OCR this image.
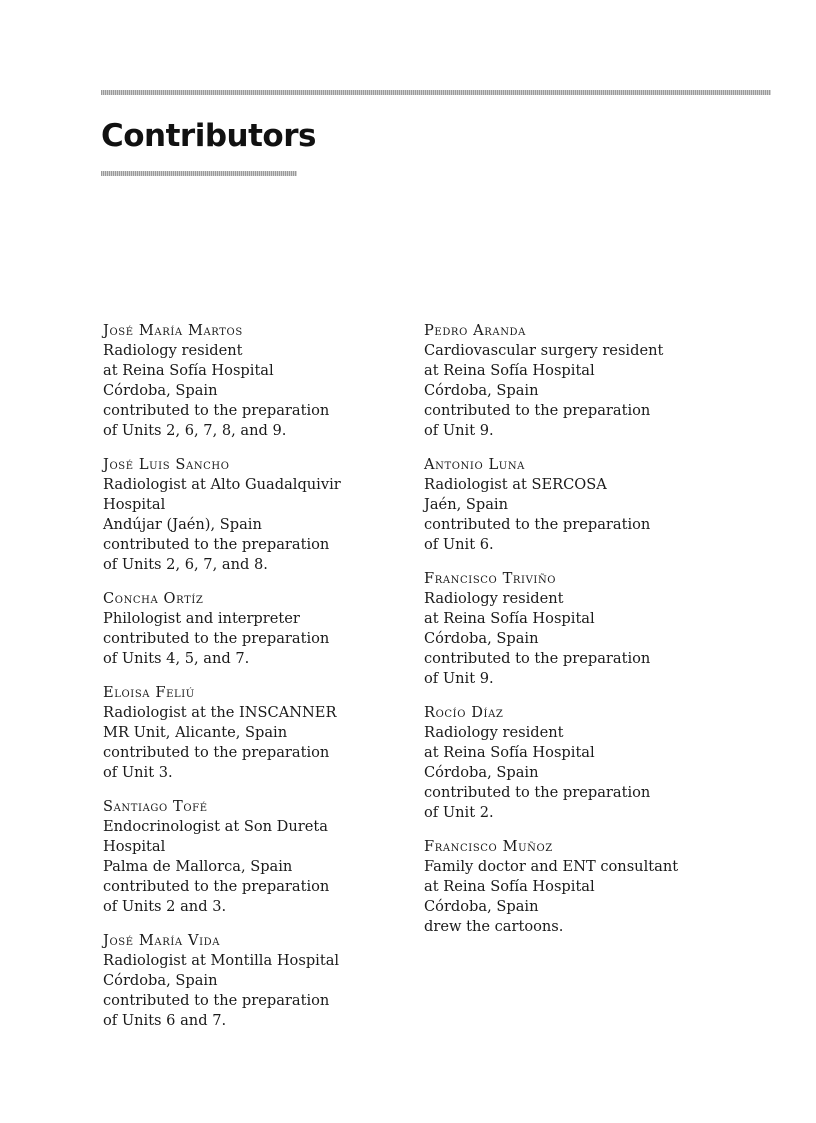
Contributors
José María Martos
Radiology resident
at Reina Sofía Hospital
Córdoba, Spain
contributed to the preparation
of Units 2, 6, 7, 8, and 9.
José Luis Sancho
Radiologist at Alto Guadalquivir
Hospital
Andújar (Jaén), Spain
contributed to the preparation
of Units 2, 6, 7, and 8.
Concha Ortíz
Philologist and interpreter
contributed to the preparation
of Units 4, 5, and 7.
Eloisa Feliú
Radiologist at the INSCANNER
MR Unit, Alicante, Spain
contributed to the preparation
of Unit 3.
Santiago Tofé
Endocrinologist at Son Dureta
Hospital
Palma de Mallorca, Spain
contributed to the preparation
of Units 2 and 3.
José María Vida
Radiologist at Montilla Hospital
Córdoba, Spain
contributed to the preparation
of Units 6 and 7.
Pedro Aranda
Cardiovascular surgery resident
at Reina Sofía Hospital
Córdoba, Spain
contributed to the preparation
of Unit 9.
Antonio Luna
Radiologist at SERCOSA
Jaén, Spain
contributed to the preparation
of Unit 6.
Francisco Triviño
Radiology resident
at Reina Sofía Hospital
Córdoba, Spain
contributed to the preparation
of Unit 9.
Rocío Díaz
Radiology resident
at Reina Sofía Hospital
Córdoba, Spain
contributed to the preparation
of Unit 2.
Francisco Muñoz
Family doctor and ENT consultant
at Reina Sofía Hospital
Córdoba, Spain
drew the cartoons.
